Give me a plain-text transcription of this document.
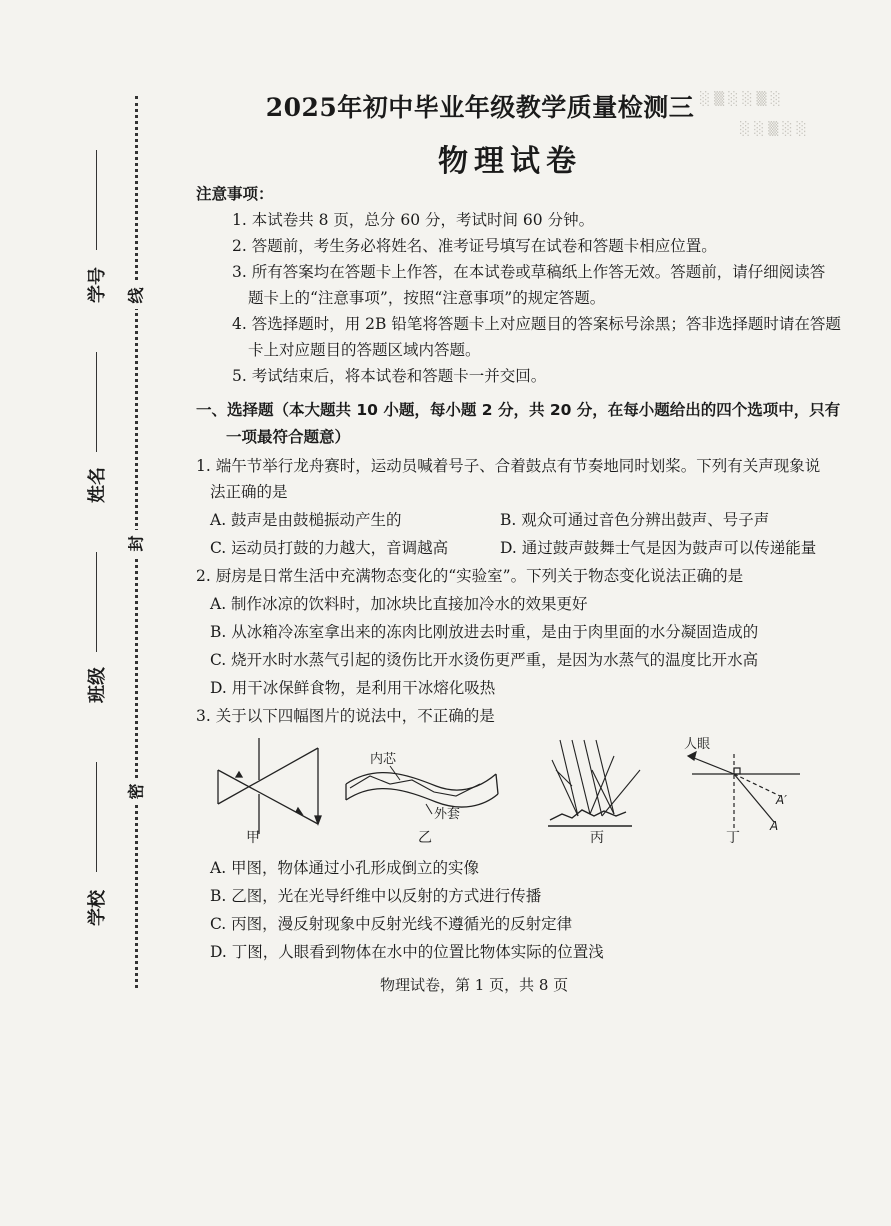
学号
姓名
班级
学校
线
封
密
░ ▒ ░ ░ ▒ ░
░ ░ ▒ ░ ░
2025年初中毕业年级教学质量检测三
物理试卷
注意事项：
1. 本试卷共 8 页，总分 60 分，考试时间 60 分钟。
2. 答题前，考生务必将姓名、准考证号填写在试卷和答题卡相应位置。
3. 所有答案均在答题卡上作答，在本试卷或草稿纸上作答无效。答题前，请仔细阅读答
题卡上的“注意事项”，按照“注意事项”的规定答题。
4. 答选择题时，用 2B 铅笔将答题卡上对应题目的答案标号涂黑；答非选择题时请在答题
卡上对应题目的答题区域内答题。
5. 考试结束后，将本试卷和答题卡一并交回。
一、选择题（本大题共 10 小题，每小题 2 分，共 20 分，在每小题给出的四个选项中，只有
一项最符合题意）
1. 端午节举行龙舟赛时，运动员喊着号子、合着鼓点有节奏地同时划桨。下列有关声现象说
法正确的是
A. 鼓声是由鼓槌振动产生的	B. 观众可通过音色分辨出鼓声、号子声
C. 运动员打鼓的力越大，音调越高	D. 通过鼓声鼓舞士气是因为鼓声可以传递能量
2. 厨房是日常生活中充满物态变化的“实验室”。下列关于物态变化说法正确的是
A. 制作冰凉的饮料时，加冰块比直接加冷水的效果更好
B. 从冰箱冷冻室拿出来的冻肉比刚放进去时重，是由于肉里面的水分凝固造成的
C. 烧开水时水蒸气引起的烫伤比开水烫伤更严重，是因为水蒸气的温度比开水高
D. 用干冰保鲜食物，是利用干冰熔化吸热
3. 关于以下四幅图片的说法中，不正确的是
甲
内芯
外套
乙	丙
人眼
A′
A
丁
A. 甲图，物体通过小孔形成倒立的实像
B. 乙图，光在光导纤维中以反射的方式进行传播
C. 丙图，漫反射现象中反射光线不遵循光的反射定律
D. 丁图，人眼看到物体在水中的位置比物体实际的位置浅
物理试卷，第 1 页，共 8 页
